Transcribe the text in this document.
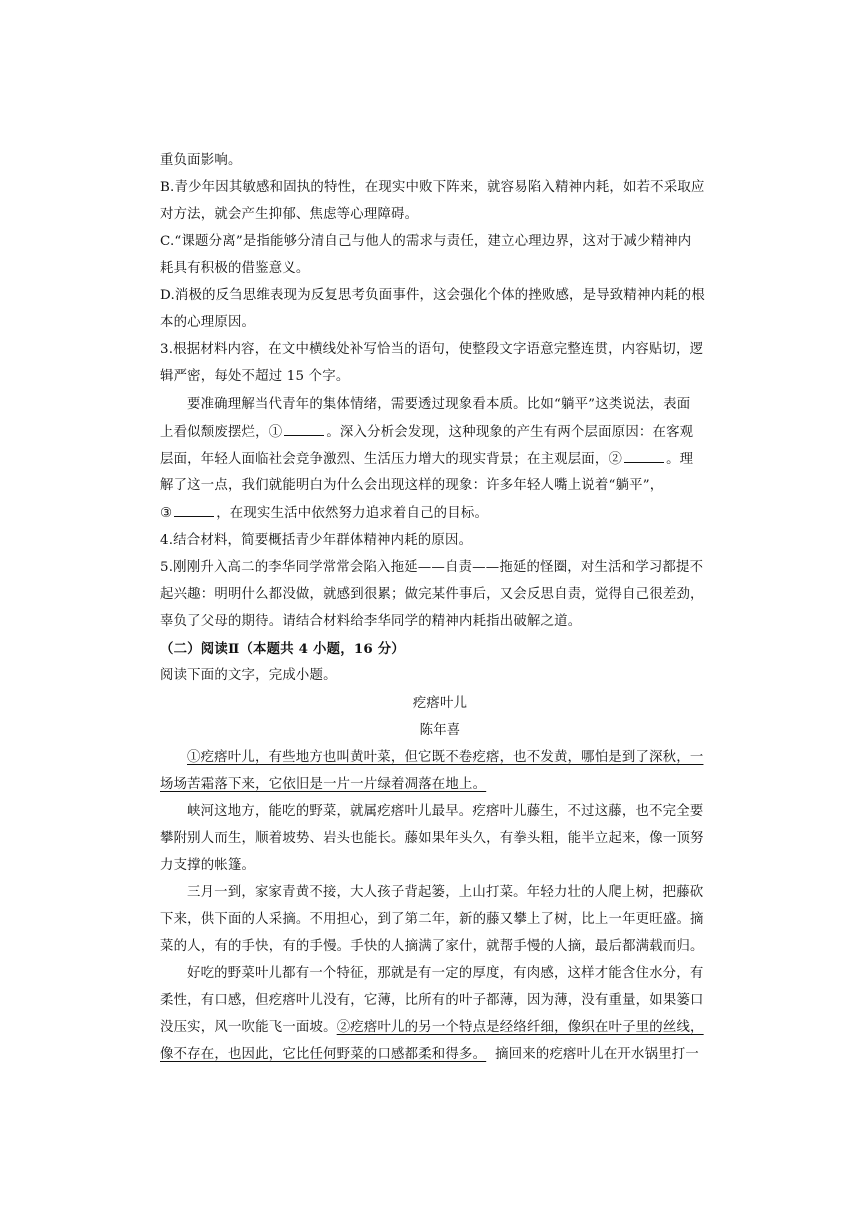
重负面影响。
B.青少年因其敏感和固执的特性，在现实中败下阵来，就容易陷入精神内耗，如若不采取应
对方法，就会产生抑郁、焦虑等心理障碍。
C.“课题分离”是指能够分清自己与他人的需求与责任，建立心理边界，这对于减少精神内
耗具有积极的借鉴意义。
D.消极的反刍思维表现为反复思考负面事件，这会强化个体的挫败感，是导致精神内耗的根
本的心理原因。
3.根据材料内容，在文中横线处补写恰当的语句，使整段文字语意完整连贯，内容贴切，逻
辑严密，每处不超过 15 个字。
要准确理解当代青年的集体情绪，需要透过现象看本质。比如“躺平”这类说法，表面
上看似颓废摆烂，①	。深入分析会发现，这种现象的产生有两个层面原因：在客观
层面，年轻人面临社会竞争激烈、生活压力增大的现实背景；在主观层面，②	。理
解了这一点，我们就能明白为什么会出现这样的现象：许多年轻人嘴上说着“躺平”，
③	，在现实生活中依然努力追求着自己的目标。
4.结合材料，简要概括青少年群体精神内耗的原因。
5.刚刚升入高二的李华同学常常会陷入拖延——自责——拖延的怪圈，对生活和学习都提不
起兴趣：明明什么都没做，就感到很累；做完某件事后，又会反思自责，觉得自己很差劲，
辜负了父母的期待。请结合材料给李华同学的精神内耗指出破解之道。
（二）阅读Ⅱ（本题共 4 小题，16 分）
阅读下面的文字，完成小题。
疙瘩叶儿
陈年喜
①疙瘩叶儿，有些地方也叫黄叶菜，但它既不卷疙瘩，也不发黄，哪怕是到了深秋，一
场场苦霜落下来，它依旧是一片一片绿着凋落在地上。
峡河这地方，能吃的野菜，就属疙瘩叶儿最早。疙瘩叶儿藤生，不过这藤，也不完全要
攀附别人而生，顺着坡势、岩头也能长。藤如果年头久，有拳头粗，能半立起来，像一顶努
力支撑的帐篷。
三月一到，家家青黄不接，大人孩子背起篓，上山打菜。年轻力壮的人爬上树，把藤砍
下来，供下面的人采摘。不用担心，到了第二年，新的藤又攀上了树，比上一年更旺盛。摘
菜的人，有的手快，有的手慢。手快的人摘满了家什，就帮手慢的人摘，最后都满载而归。
好吃的野菜叶儿都有一个特征，那就是有一定的厚度，有肉感，这样才能含住水分，有
柔性，有口感，但疙瘩叶儿没有，它薄，比所有的叶子都薄，因为薄，没有重量，如果篓口
没压实，风一吹能飞一面坡。②疙瘩叶儿的另一个特点是经络纤细，像织在叶子里的丝线，
像不存在，也因此，它比任何野菜的口感都柔和得多。 摘回来的疙瘩叶儿在开水锅里打一
